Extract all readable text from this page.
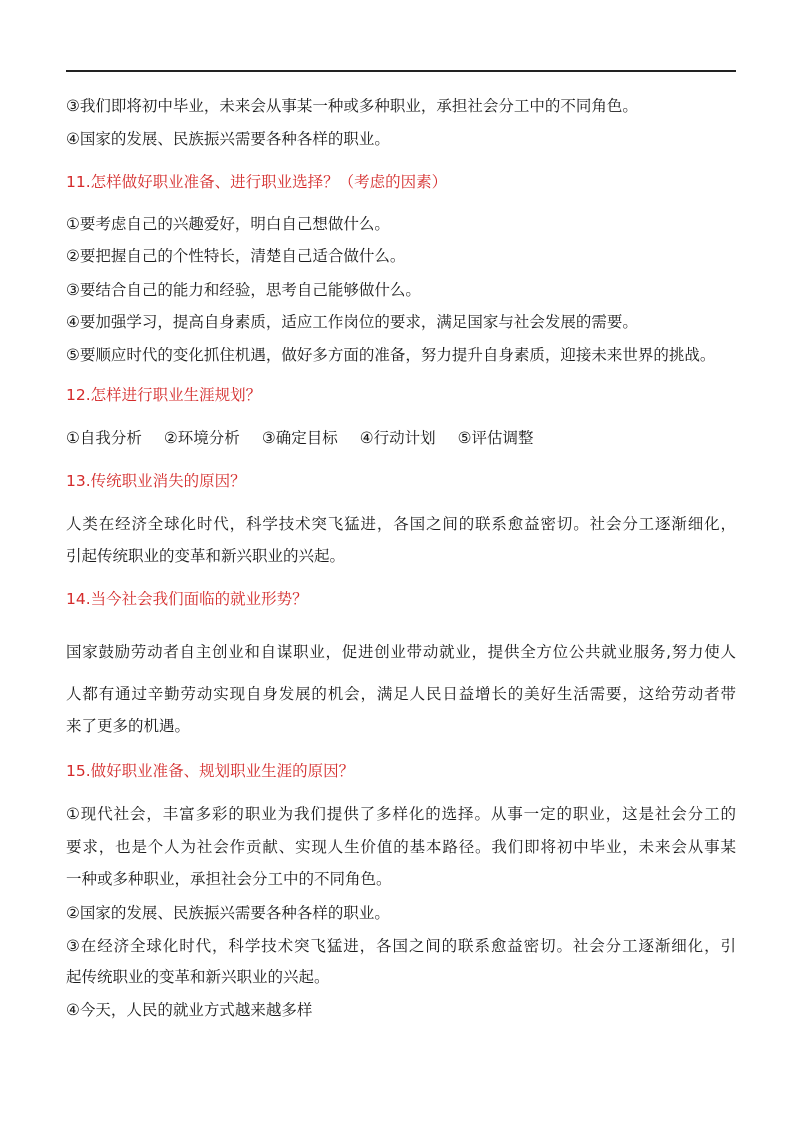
③我们即将初中毕业，未来会从事某一种或多种职业，承担社会分工中的不同角色。

④国家的发展、民族振兴需要各种各样的职业。

11.怎样做好职业准备、进行职业选择？（考虑的因素）

①要考虑自己的兴趣爱好，明白自己想做什么。

②要把握自己的个性特长，清楚自己适合做什么。

③要结合自己的能力和经验，思考自己能够做什么。

④要加强学习，提高自身素质，适应工作岗位的要求，满足国家与社会发展的需要。

⑤要顺应时代的变化抓住机遇，做好多方面的准备，努力提升自身素质，迎接未来世界的挑战。

12.怎样进行职业生涯规划？
①自我分析 ②环境分析 ③确定目标 ④行动计划 ⑤评估调整
13.传统职业消失的原因？

人类在经济全球化时代，科学技术突飞猛进，各国之间的联系愈益密切。社会分工逐渐细化，

引起传统职业的变革和新兴职业的兴起。

14.当今社会我们面临的就业形势？

国家鼓励劳动者自主创业和自谋职业，促进创业带动就业，提供全方位公共就业服务,努力使人

人都有通过辛勤劳动实现自身发展的机会，满足人民日益增长的美好生活需要，这给劳动者带

来了更多的机遇。

15.做好职业准备、规划职业生涯的原因？

①现代社会，丰富多彩的职业为我们提供了多样化的选择。从事一定的职业，这是社会分工的

要求，也是个人为社会作贡献、实现人生价值的基本路径。我们即将初中毕业，未来会从事某

一种或多种职业，承担社会分工中的不同角色。

②国家的发展、民族振兴需要各种各样的职业。

③在经济全球化时代，科学技术突飞猛进，各国之间的联系愈益密切。社会分工逐渐细化，引

起传统职业的变革和新兴职业的兴起。

④今天，人民的就业方式越来越多样
